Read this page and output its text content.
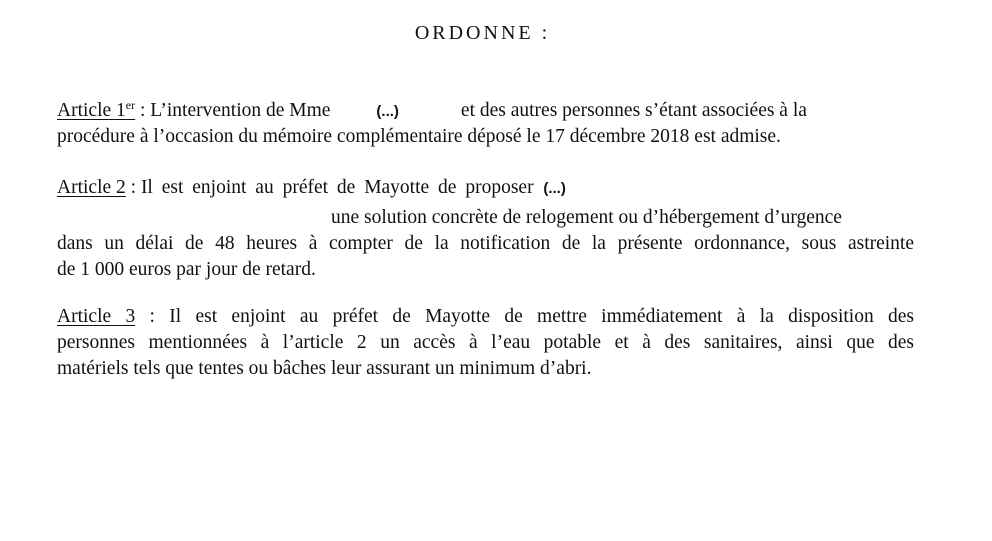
ORDONNE :
Article 1er : L’intervention de Mme	(...)	et des autres personnes s’étant associées à la
procédure à l’occasion du mémoire complémentaire déposé le 17 décembre 2018 est admise.
Article 2 : Il est enjoint au préfet de Mayotte de proposer (...)
une solution concrète de relogement ou d’hébergement d’urgence
dans un délai de 48 heures à compter de la notification de la présente ordonnance, sous astreinte
de 1 000 euros par jour de retard.
Article 3 : Il est enjoint au préfet de Mayotte de mettre immédiatement à la disposition des
personnes mentionnées à l’article 2 un accès à l’eau potable et à des sanitaires, ainsi que des
matériels tels que tentes ou bâches leur assurant un minimum d’abri.
